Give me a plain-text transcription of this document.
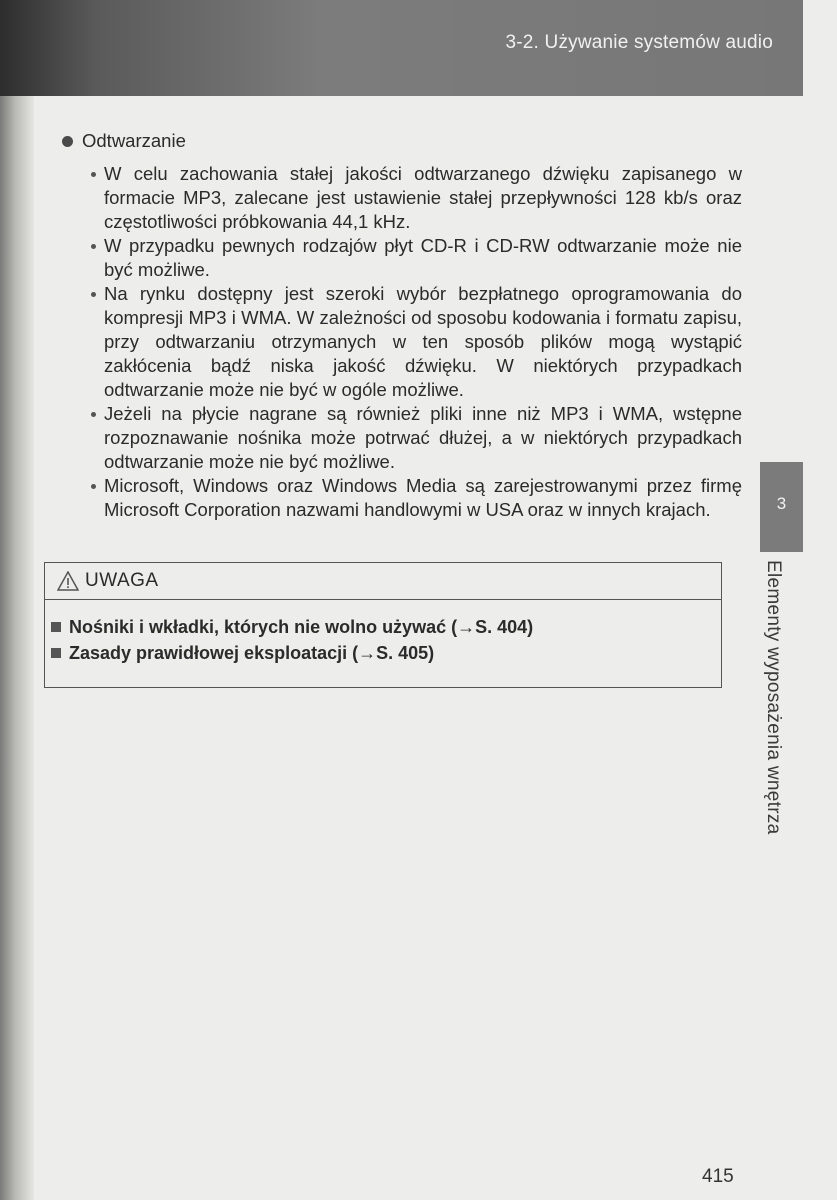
3-2. Używanie systemów audio
Odtwarzanie
W celu zachowania stałej jakości odtwarzanego dźwięku zapisanego w formacie MP3, zalecane jest ustawienie stałej przepływności 128 kb/s oraz częstotliwości próbkowania 44,1 kHz.
W przypadku pewnych rodzajów płyt CD-R i CD-RW odtwarzanie może nie być możliwe.
Na rynku dostępny jest szeroki wybór bezpłatnego oprogramowania do kompresji MP3 i WMA. W zależności od sposobu kodowania i formatu zapisu, przy odtwarzaniu otrzymanych w ten sposób plików mogą wystąpić zakłócenia bądź niska jakość dźwięku. W niektórych przypadkach odtwarzanie może nie być w ogóle możliwe.
Jeżeli na płycie nagrane są również pliki inne niż MP3 i WMA, wstępne rozpoznawanie nośnika może potrwać dłużej, a w niektórych przypadkach odtwarzanie może nie być możliwe.
Microsoft, Windows oraz Windows Media są zarejestrowanymi przez firmę Microsoft Corporation nazwami handlowymi w USA oraz w innych krajach.
UWAGA
Nośniki i wkładki, których nie wolno używać (→S. 404)
Zasady prawidłowej eksploatacji (→S. 405)
3
Elementy wyposażenia wnętrza
415
